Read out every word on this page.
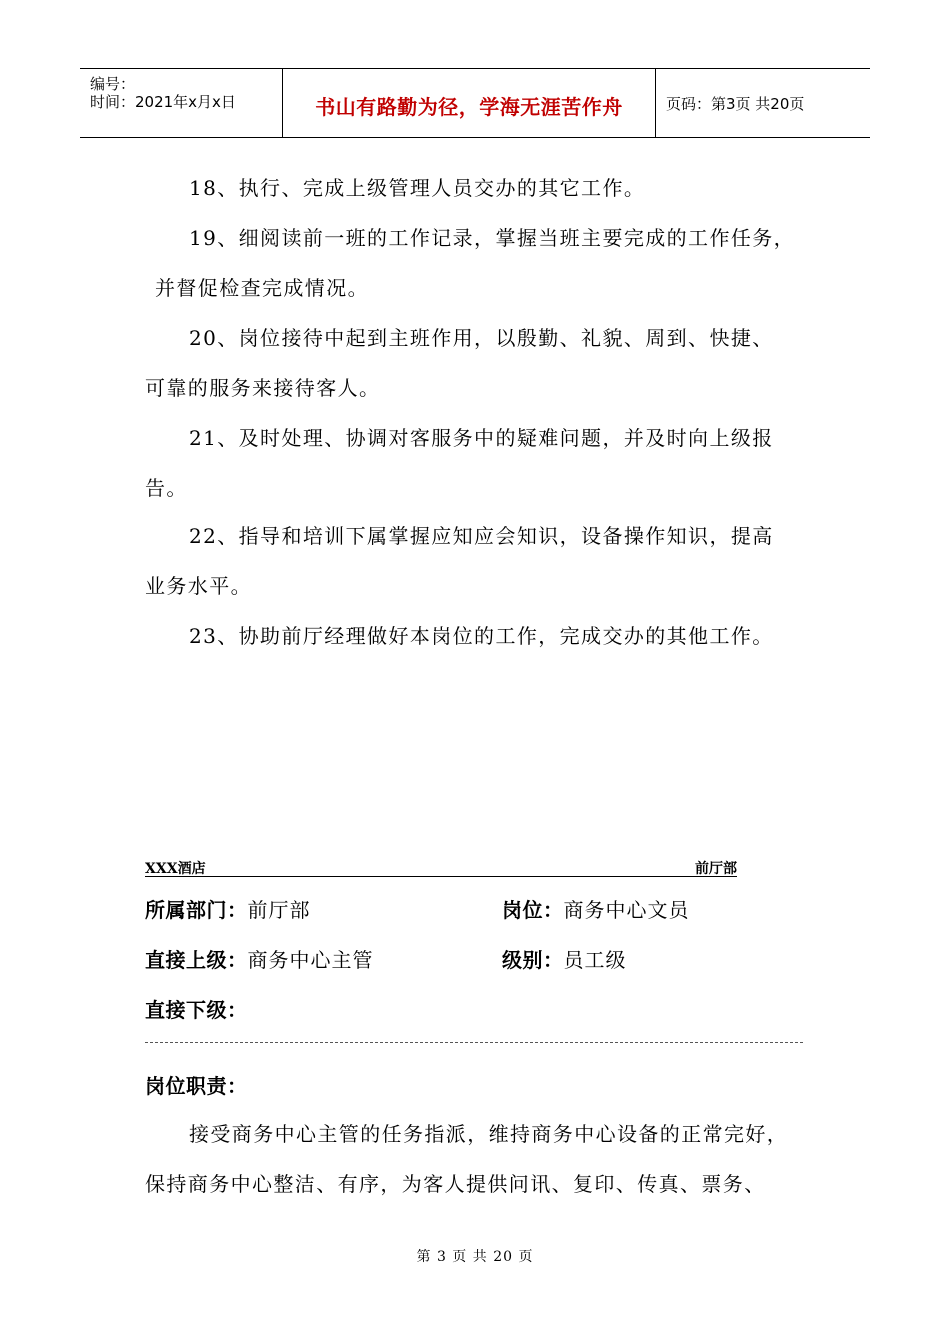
编号：
时间：2021年x月x日	书山有路勤为径，学海无涯苦作舟	页码：第3页 共20页
18、执行、完成上级管理人员交办的其它工作。
19、细阅读前一班的工作记录，掌握当班主要完成的工作任务，
并督促检查完成情况。
20、岗位接待中起到主班作用，以殷勤、礼貌、周到、快捷、
可靠的服务来接待客人。
21、及时处理、协调对客服务中的疑难问题，并及时向上级报
告。
22、指导和培训下属掌握应知应会知识，设备操作知识，提高
业务水平。
23、协助前厅经理做好本岗位的工作，完成交办的其他工作。
XXX酒店	前厅部
所属部门：前厅部	岗位：商务中心文员
直接上级：商务中心主管	级别：员工级
直接下级：
岗位职责：
接受商务中心主管的任务指派，维持商务中心设备的正常完好，
保持商务中心整洁、有序，为客人提供问讯、复印、传真、票务、
第 3 页 共 20 页
